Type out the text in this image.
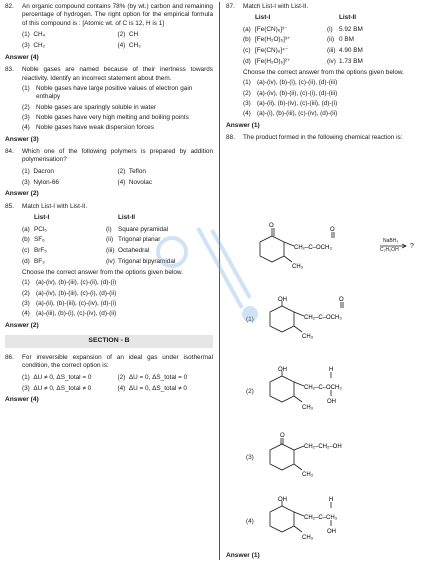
82.	An organic compound contains 78% (by wt.) carbon and remaining percentage of hydrogen. The right option for the empirical formula of this compound is : [Atomic wt. of C is 12, H is 1]
(1) CH₄	(2) CH
(3) CH₂	(4) CH₃
Answer (4)
83.	Noble gases are named because of their inertness towards reactivity. Identify an incorrect statement about them.
(1) Noble gases have large positive values of electron gain enthalpy
(2) Noble gases are sparingly soluble in water
(3) Noble gases have very high melting and boiling points
(4) Noble gases have weak dispersion forces
Answer (3)
84.	Which one of the following polymers is prepared by addition polymerisation?
(1) Dacron	(2) Teflon
(3) Nylon-66	(4) Novolac
Answer (2)
85.	Match List-I with List-II.
List-I	List-II
(a) PCl₅	(i) Square pyramidal
(b) SF₆	(ii) Trigonal planar
(c) BrF₅	(iii) Octahedral
(d) BF₃	(iv) Trigonal bipyramidal
Choose the correct answer from the options given below.
(1) (a)-(iv), (b)-(iii), (c)-(ii), (d)-(i)
(2) (a)-(iv), (b)-(iii), (c)-(i), (d)-(ii)
(3) (a)-(ii), (b)-(iii), (c)-(iv), (d)-(i)
(4) (a)-(iii), (b)-(i), (c)-(iv), (d)-(ii)
Answer (2)
SECTION - B
86.	For irreversible expansion of an ideal gas under isothermal condition, the correct option is:
(1) ΔU ≠ 0, ΔS_total = 0	(2) ΔU = 0, ΔS_total = 0
(3) ΔU ≠ 0, ΔS_total ≠ 0	(4) ΔU = 0, ΔS_total ≠ 0
Answer (4)
87.	Match List-I with List-II.
List-I	List-II
(a) [Fe(CN)₆]³⁻	(i) 5.92 BM
(b) [Fe(H₂O)₆]³⁺	(ii) 0 BM
(c) [Fe(CN)₆]⁴⁻	(iii) 4.90 BM
(d) [Fe(H₂O)₆]²⁺	(iv) 1.73 BM
Choose the correct answer from the options given below.
(1) (a)-(iv), (b)-(i), (c)-(ii), (d)-(iii)
(2) (a)-(iv), (b)-(ii), (c)-(i), (d)-(iii)
(3) (a)-(ii), (b)-(iv), (c)-(iii), (d)-(i)
(4) (a)-(i), (b)-(iii), (c)-(iv), (d)-(ii)
Answer (1)
88.	The product formed in the following chemical reaction is:
O
CH₂–C–OCH₃
O
CH₃
NaBH₄
C₂H₅OH ?
(1)
OH
CH₂–C–OCH₃
O
CH₃
(2)
OH	H
CH₂–C–OCH₃
OH
CH₃
(3)
O
CH₂–CH₂–OH
CH₃
(4)
OH	H
CH₂–C–CH₃
OH
CH₃
Answer (1)
